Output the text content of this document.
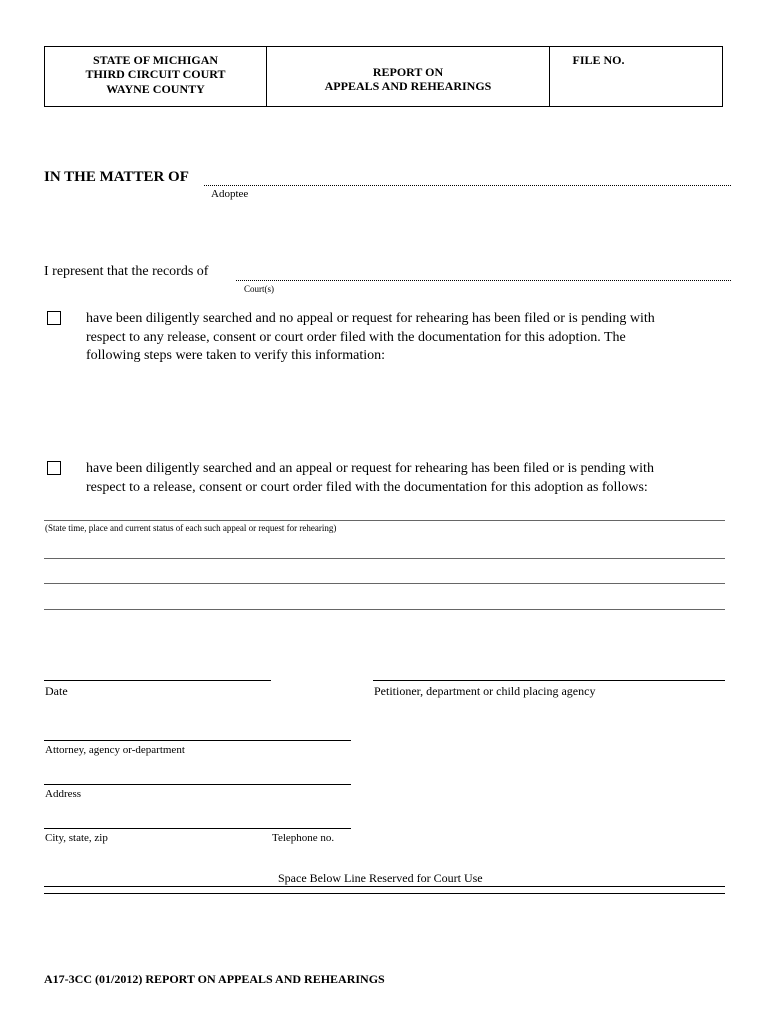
STATE OF MICHIGAN
THIRD CIRCUIT COURT
WAYNE COUNTY
REPORT ON
APPEALS AND REHEARINGS
FILE NO.
IN THE MATTER OF
Adoptee
I represent that the records of
Court(s)
have been diligently searched and no appeal or request for rehearing has been filed or is pending with
respect to any release, consent or court order filed with the documentation for this adoption. The
following steps were taken to verify this information:
have been diligently searched and an appeal or request for rehearing has been filed or is pending with
respect to a release, consent or court order filed with the documentation for this adoption as follows:
(State time, place and current status of each such appeal or request for rehearing)
Date	Petitioner, department or child placing agency
Attorney, agency or-department
Address
City, state, zip	Telephone no.
Space Below Line Reserved for Court Use
A17-3CC (01/2012) REPORT ON APPEALS AND REHEARINGS
